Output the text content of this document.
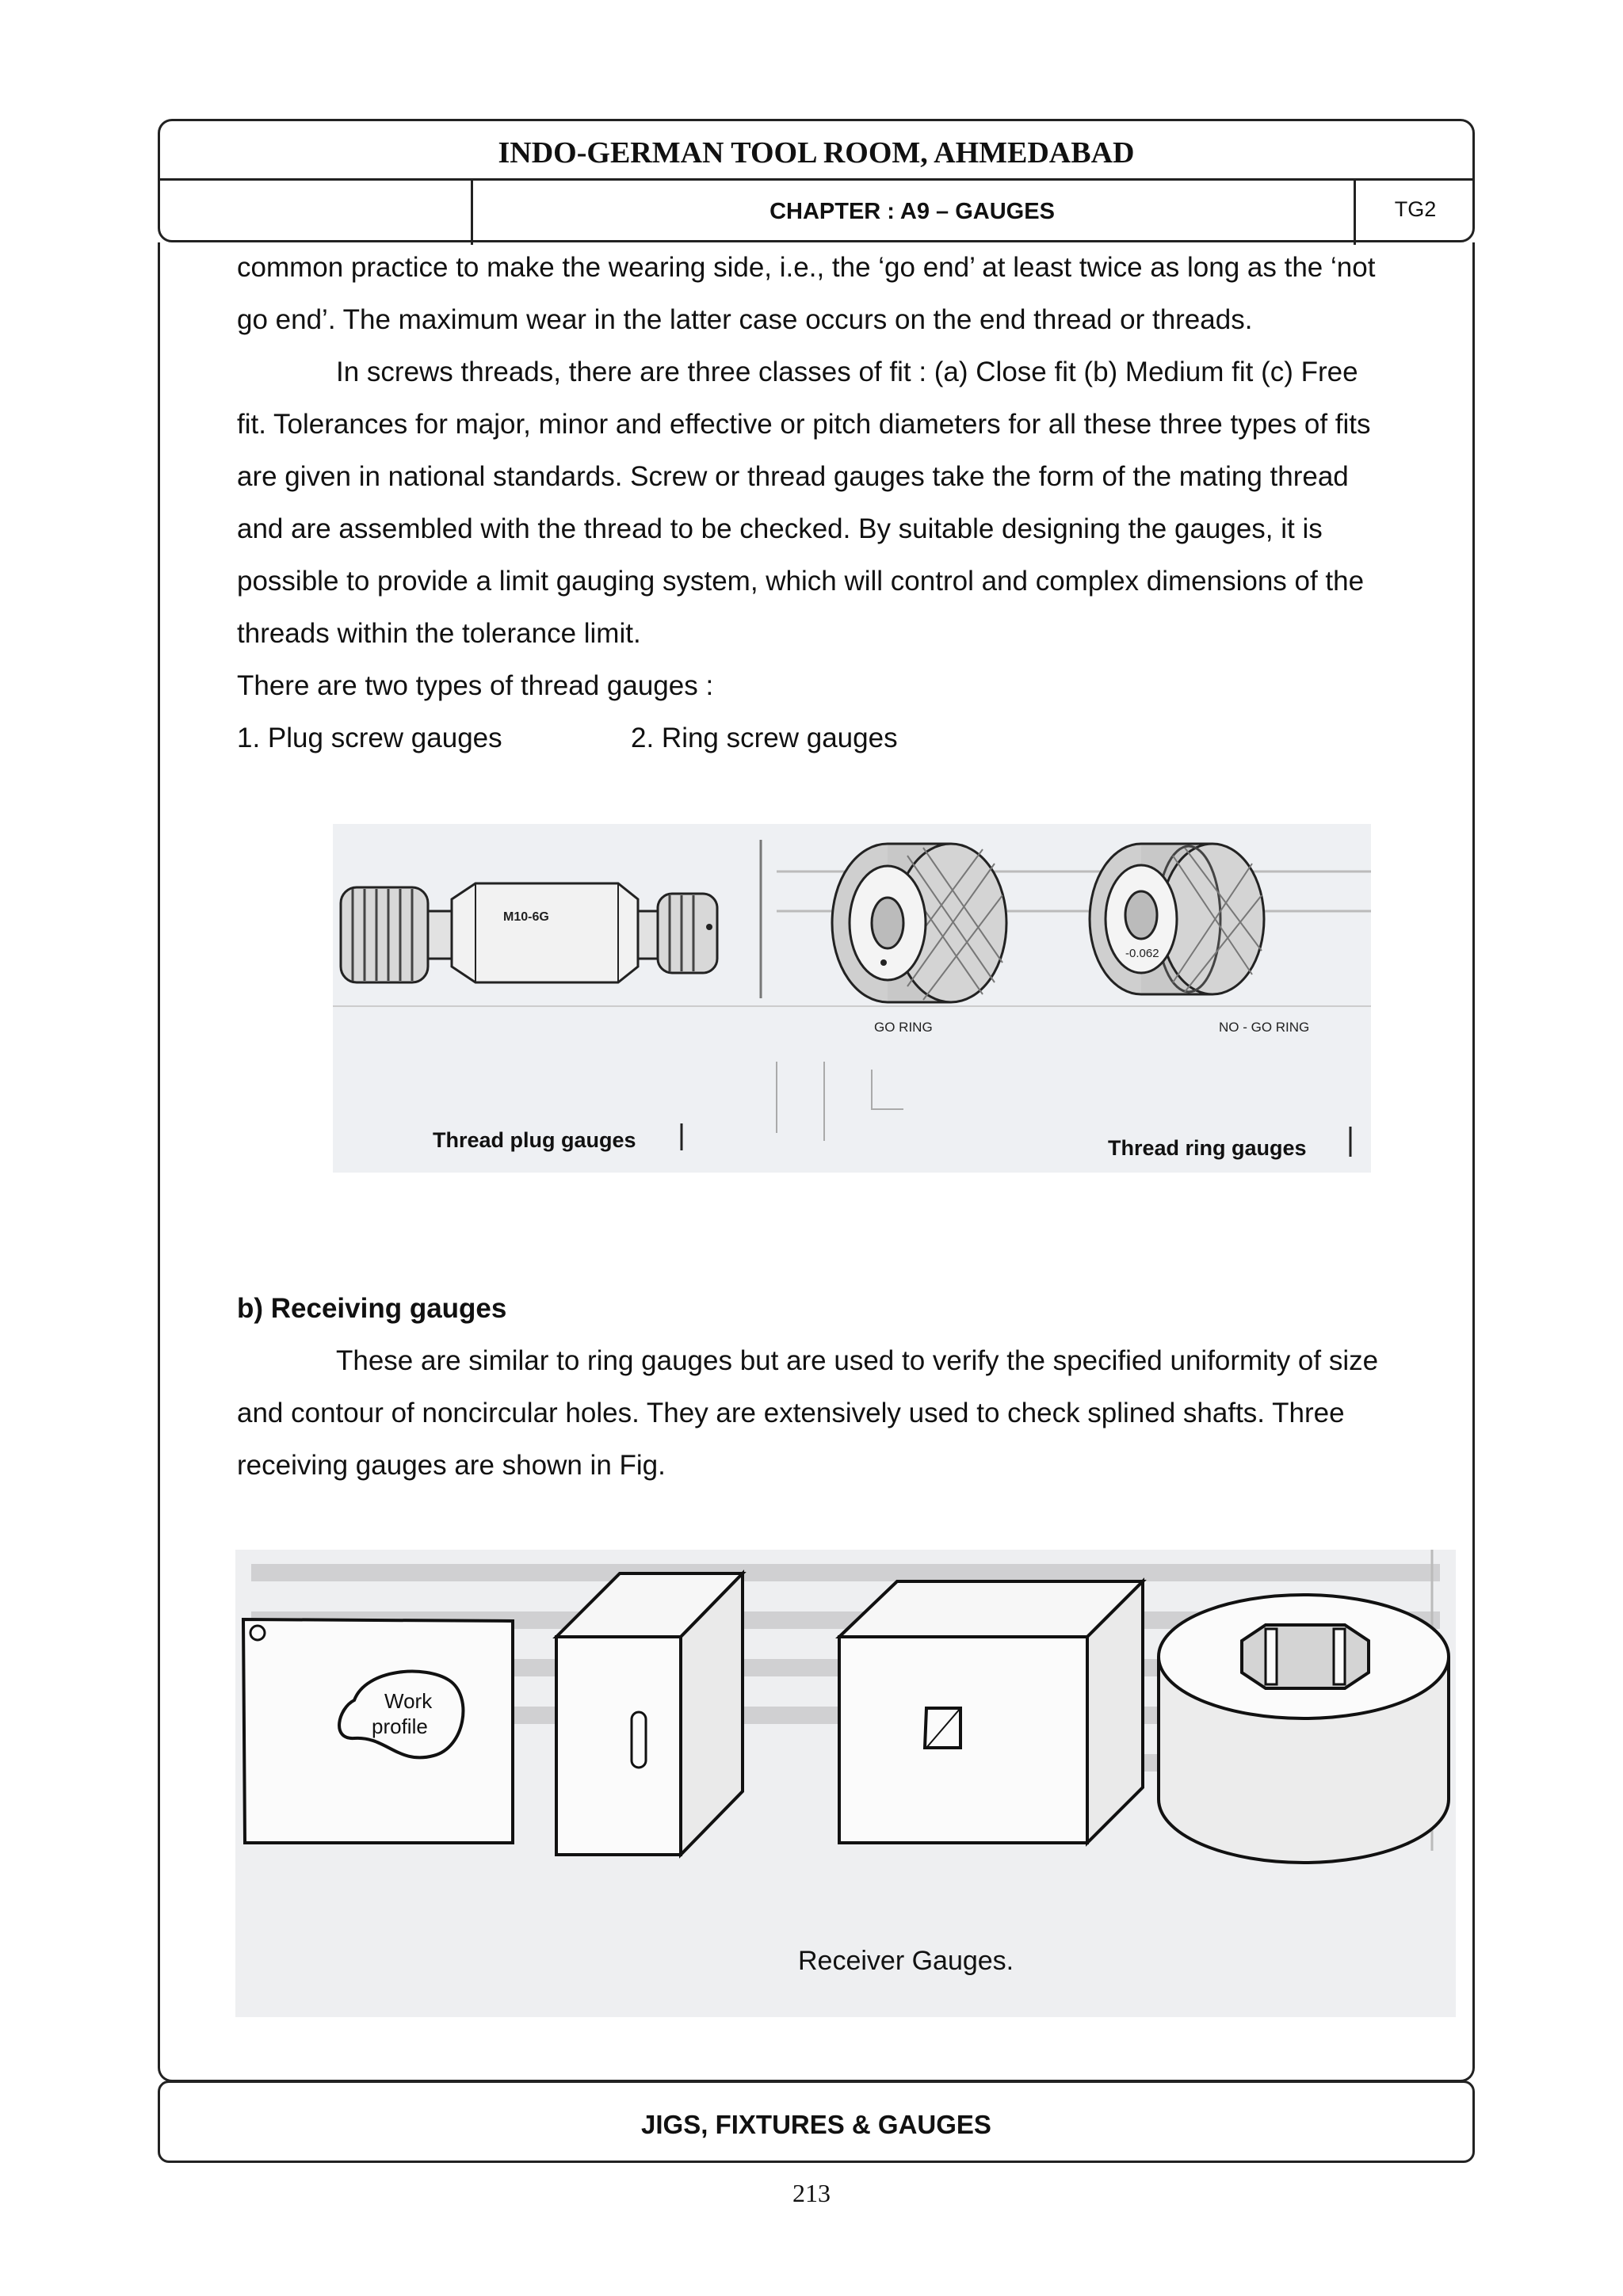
INDO-GERMAN TOOL ROOM, AHMEDABAD
CHAPTER : A9 – GAUGES	TG2
common practice to make the wearing side, i.e., the ‘go end’ at least twice as long as the ‘not
go end’. The maximum wear in the latter case occurs on the end thread or threads.
In screws threads, there are three classes of fit : (a) Close fit (b) Medium fit (c) Free
fit. Tolerances for major, minor and effective or pitch diameters for all these three types of fits
are given in national standards. Screw or thread gauges take the form of the mating thread
and are assembled with the thread to be checked. By suitable designing the gauges, it is
possible to provide a limit gauging system, which will control and complex dimensions of the
threads within the tolerance limit.
There are two types of thread gauges :
1. Plug screw gauges	2. Ring screw gauges
M10-6G
GO RING
-0.062
NO - GO RING
Thread plug gauges	Thread ring gauges
b) Receiving gauges
These are similar to ring gauges but are used to verify the specified uniformity of size
and contour of noncircular holes. They are extensively used to check splined shafts. Three
receiving gauges are shown in Fig.
Work
profile
Receiver Gauges.
JIGS, FIXTURES & GAUGES
213
